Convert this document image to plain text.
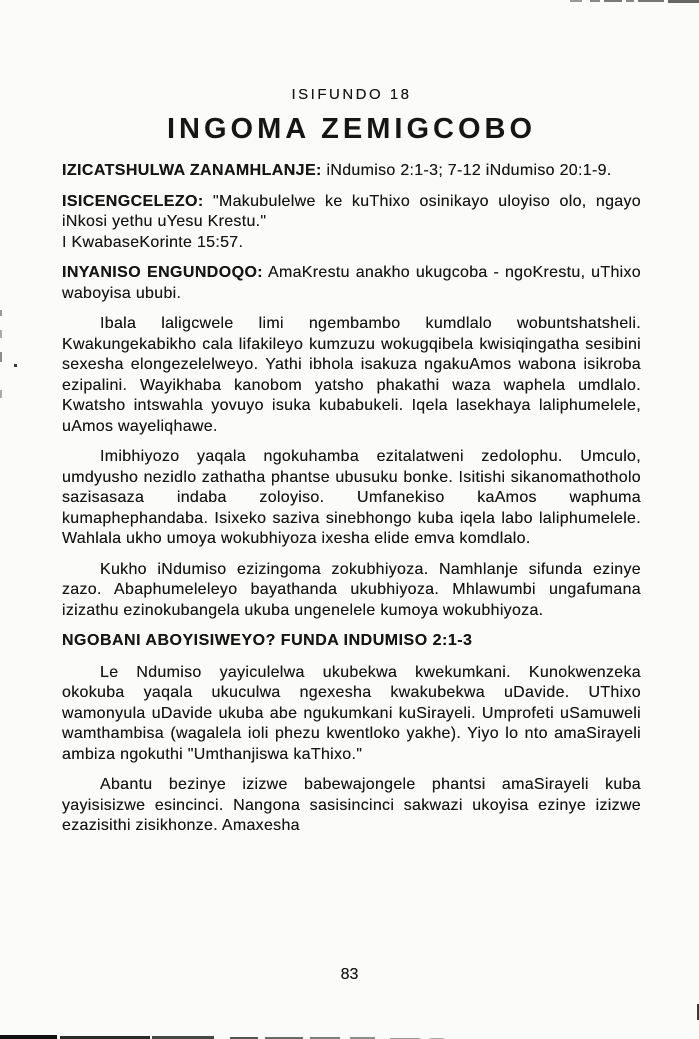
ISIFUNDO 18
INGOMA ZEMIGCOBO

IZICATSHULWA ZANAMHLANJE: iNdumiso 2:1-3; 7-12 iNdumiso 20:1-9.

ISICENGCELEZO: "Makubulelwe ke kuThixo osinikayo uloyiso olo, ngayo iNkosi yethu uYesu Krestu."
I KwabaseKorinte 15:57.

INYANISO ENGUNDOQO: AmaKrestu anakho ukugcoba - ngoKrestu, uThixo waboyisa ububi.

Ibala laligcwele limi ngembambo kumdlalo wobuntshatsheli. Kwakungekabikho cala lifakileyo kumzuzu wokugqibela kwisiqingatha sesibini sexesha elongezelelweyo. Yathi ibhola isakuza ngakuAmos wabona isikroba ezipalini. Wayikhaba kanobom yatsho phakathi waza waphela umdlalo. Kwatsho intswahla yovuyo isuka kubabukeli. Iqela lasekhaya laliphumelele, uAmos wayeliqhawe.

Imibhiyozo yaqala ngokuhamba ezitalatweni zedolophu. Umculo, umdyusho nezidlo zathatha phantse ubusuku bonke. Isitishi sikanomathotholo sazisasaza indaba zoloyiso. Umfanekiso kaAmos waphuma kumaphephandaba. Isixeko saziva sinebhongo kuba iqela labo laliphumelele. Wahlala ukho umoya wokubhiyoza ixesha elide emva komdlalo.

Kukho iNdumiso ezizingoma zokubhiyoza. Namhlanje sifunda ezinye zazo. Abaphumeleleyo bayathanda ukubhiyoza. Mhlawumbi ungafumana izizathu ezinokubangela ukuba ungenelele kumoya wokubhiyoza.

NGOBANI ABOYISIWEYO? FUNDA INDUMISO 2:1-3

Le Ndumiso yayiculelwa ukubekwa kwekumkani. Kunokwenzeka okokuba yaqala ukuculwa ngexesha kwakubekwa uDavide. UThixo wamonyula uDavide ukuba abe ngukumkani kuSirayeli. Umprofeti uSamuweli wamthambisa (wagalela ioli phezu kwentloko yakhe). Yiyo lo nto amaSirayeli ambiza ngokuthi "Umthanjiswa kaThixo."

Abantu bezinye izizwe babewajongele phantsi amaSirayeli kuba yayisisizwe esincinci. Nangona sasisincinci sakwazi ukoyisa ezinye izizwe ezazisithi zisikhonze. Amaxesha

83
